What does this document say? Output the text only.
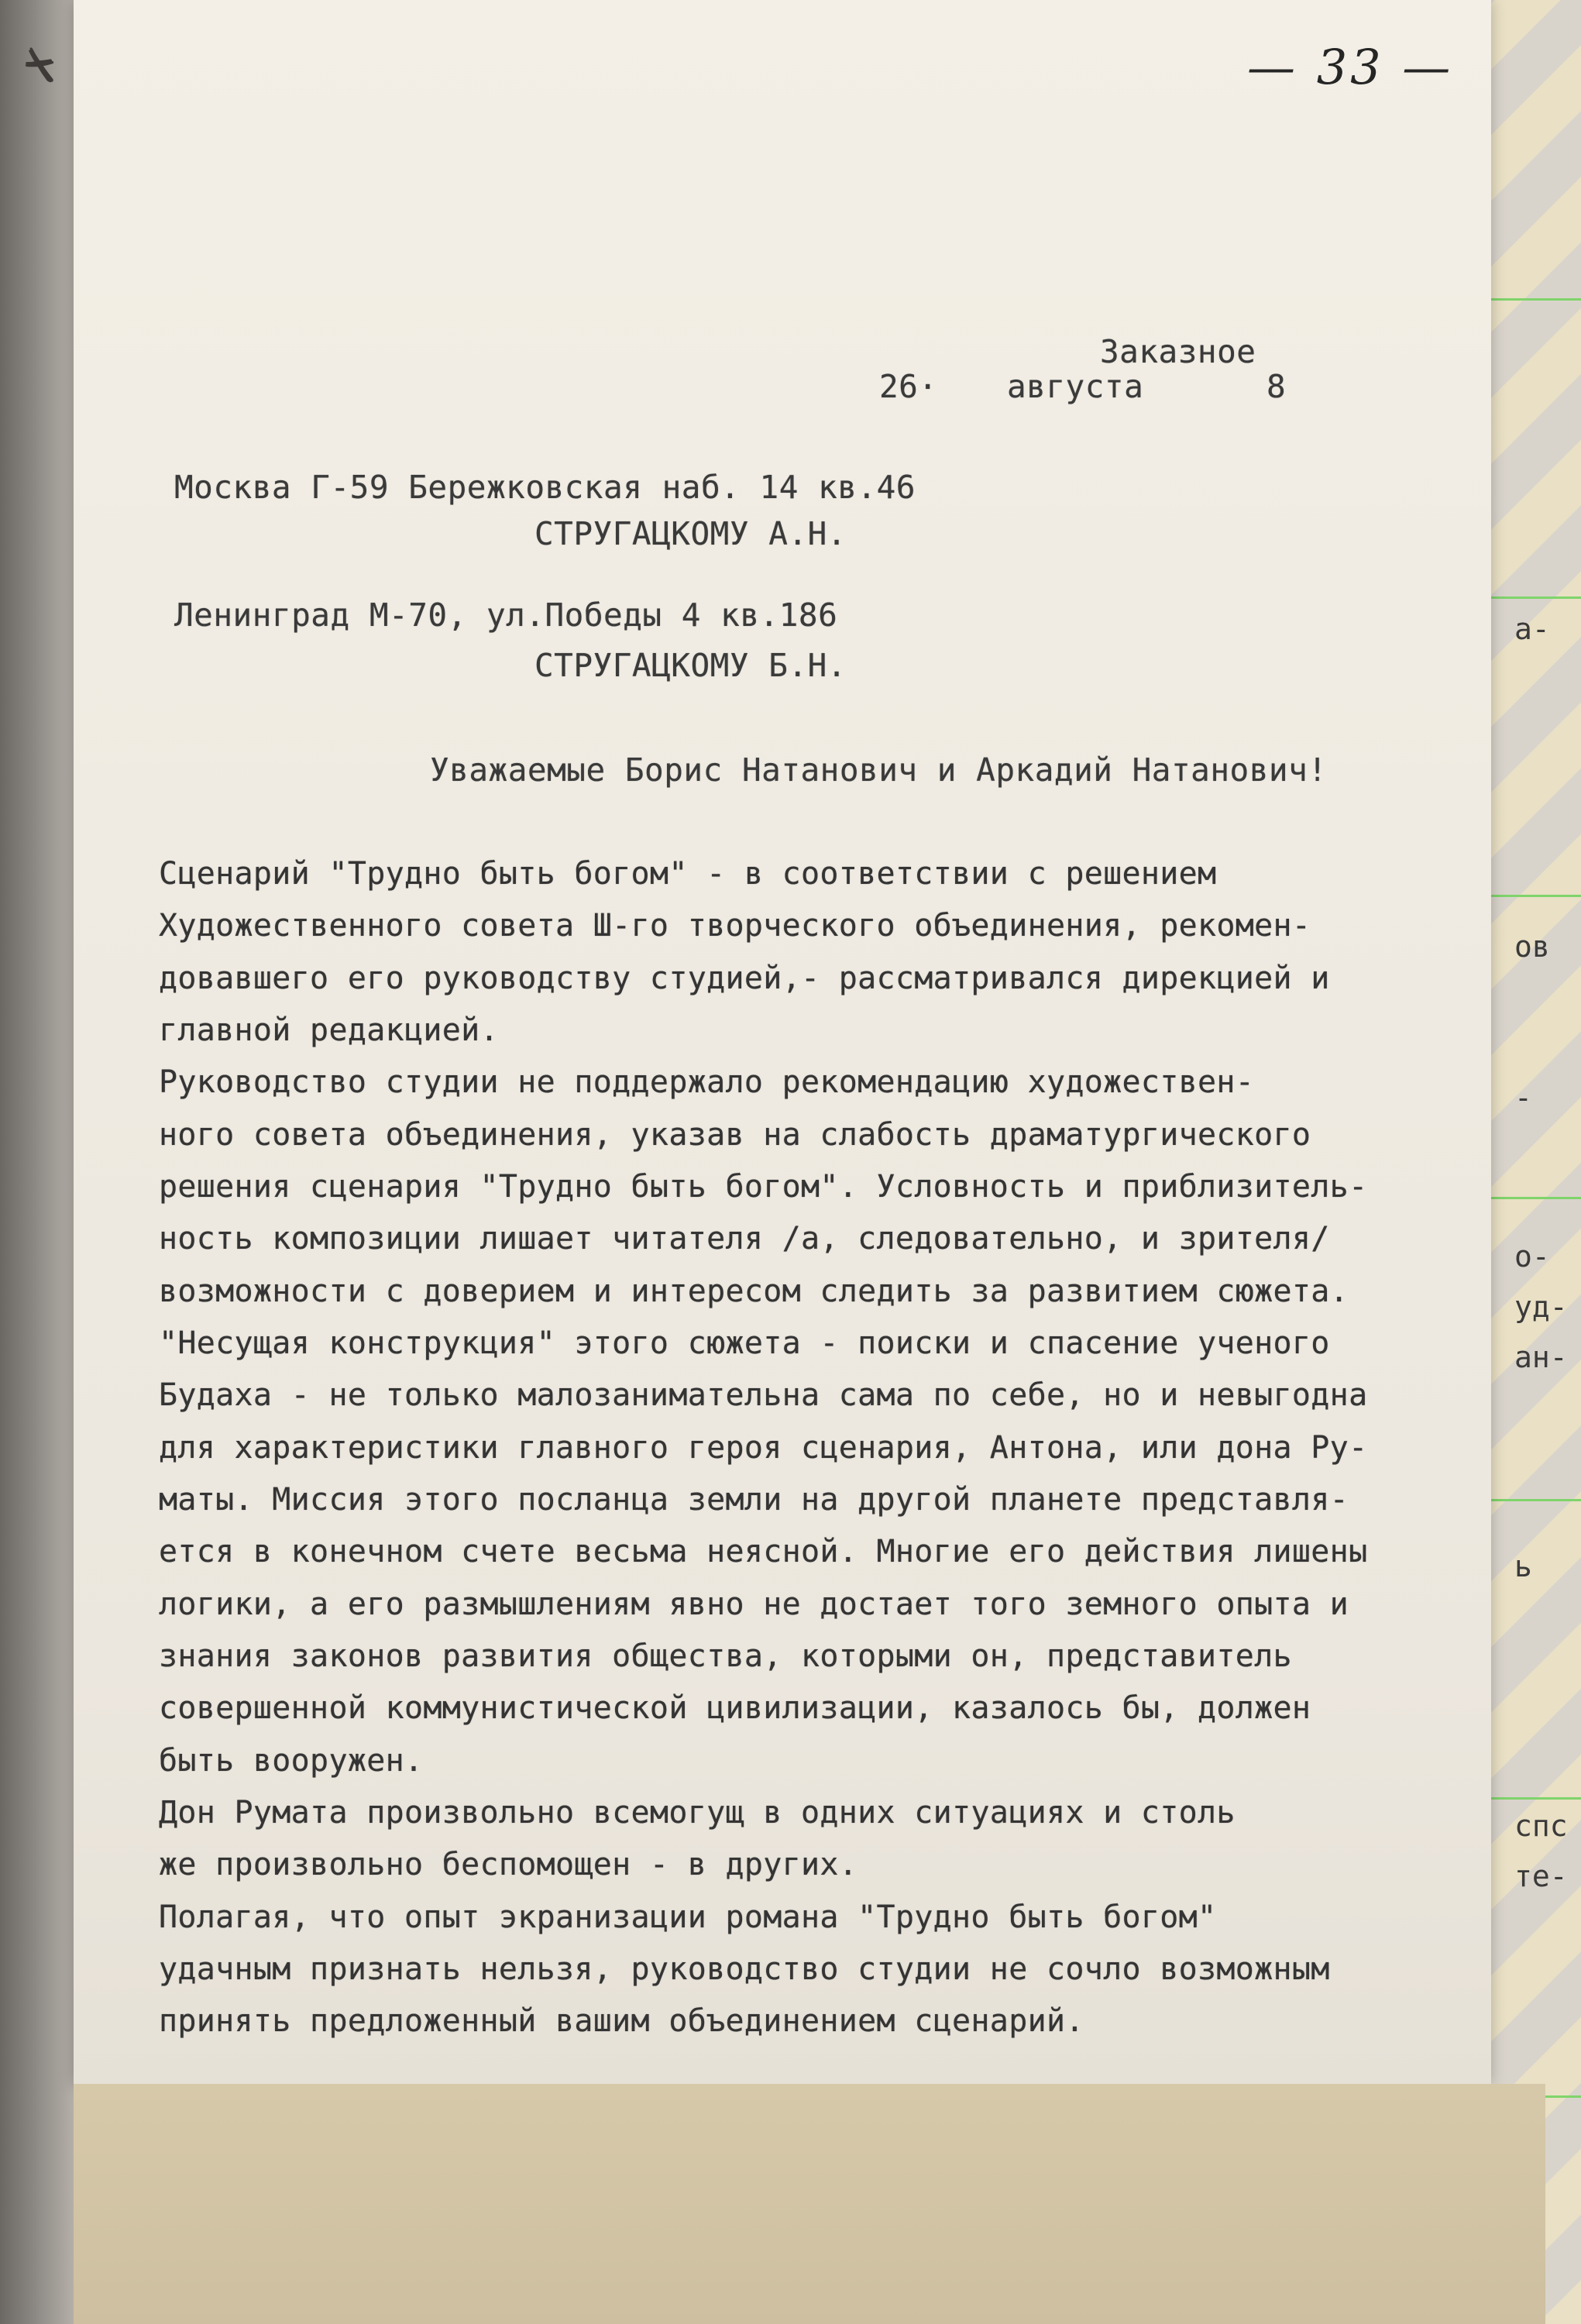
✗
а-
ов
-
о-
уд-
ан-
ь
спс
те-
— 33 —
Заказное
26· августа	8
Москва Г-59 Бережковская наб. 14 кв.46
СТРУГАЦКОМУ А.Н.
Ленинград М-70, ул.Победы 4 кв.186
СТРУГАЦКОМУ Б.Н.
Уважаемые Борис Натанович и Аркадий Натанович!
Сценарий "Трудно быть богом" - в соответствии с решением
Художественного совета Ш-го творческого объединения, рекомен-
довавшего его руководству студией,- рассматривался дирекцией и
главной редакцией.
Руководство студии не поддержало рекомендацию художествен-
ного совета объединения, указав на слабость драматургического
решения сценария "Трудно быть богом". Условность и приблизитель-
ность композиции лишает читателя /а, следовательно, и зрителя/
возможности с доверием и интересом следить за развитием сюжета.
"Несущая конструкция" этого сюжета - поиски и спасение ученого
Будаха - не только малозанимательна сама по себе, но и невыгодна
для характеристики главного героя сценария, Антона, или дона Ру-
маты. Миссия этого посланца земли на другой планете представля-
ется в конечном счете весьма неясной. Многие его действия лишены
логики, а его размышлениям явно не достает того земного опыта и
знания законов развития общества, которыми он, представитель
совершенной коммунистической цивилизации, казалось бы, должен
быть вооружен.
Дон Румата произвольно всемогущ в одних ситуациях и столь
же произвольно беспомощен - в других.
Полагая, что опыт экранизации романа "Трудно быть богом"
удачным признать нельзя, руководство студии не сочло возможным
принять предложенный вашим объединением сценарий.
